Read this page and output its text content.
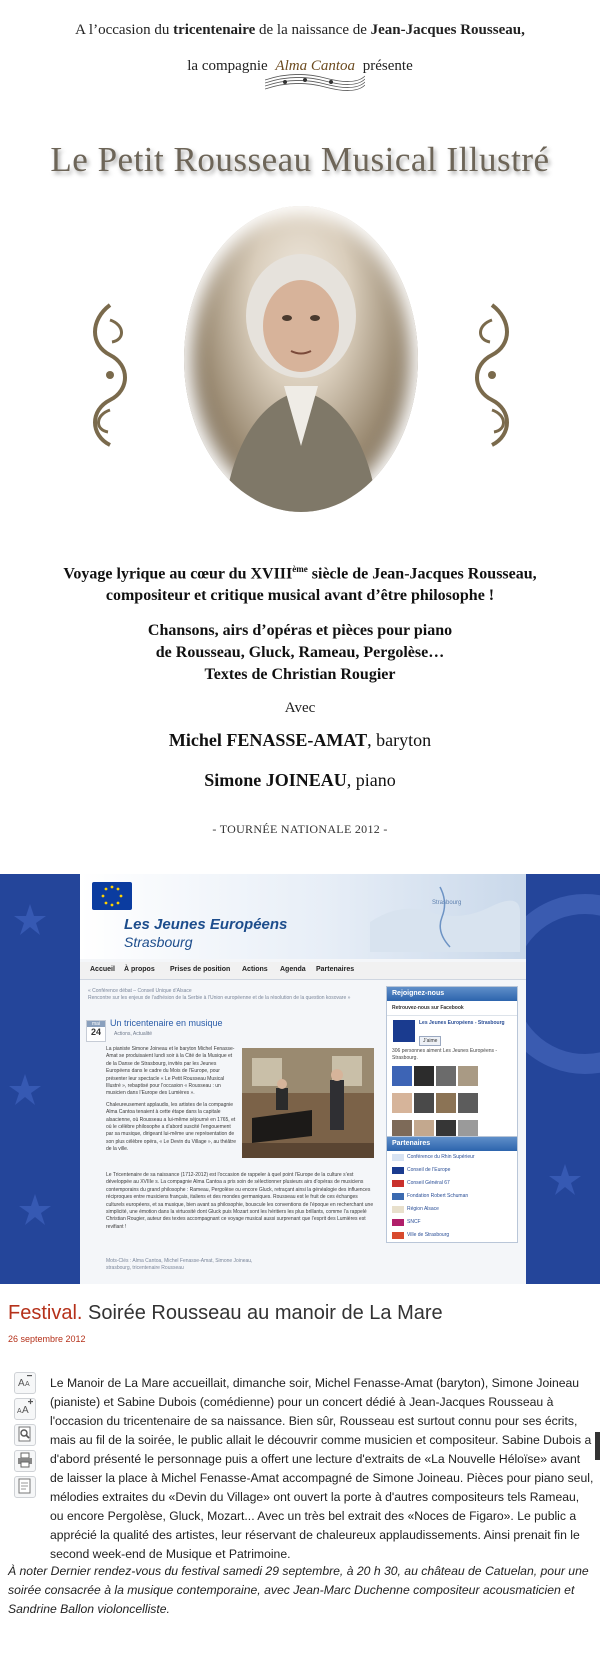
A l’occasion du tricentenaire de la naissance de Jean-Jacques Rousseau,
la compagnie Alma Cantoa
présente
Le Petit Rousseau Musical Illustré
Voyage lyrique au cœur du XVIIIème siècle de Jean-Jacques Rousseau,
compositeur et critique musical avant d’être philosophe !
Chansons, airs d’opéras et pièces pour piano
de Rousseau, Gluck, Rameau, Pergolèse…
Textes de Christian Rougier
Avec
Michel FENASSE-AMAT, baryton
Simone JOINEAU, piano
- TOURNÉE NATIONALE 2012 -
Les Jeunes Européens
Strasbourg
Strasbourg
Accueil À propos Prises de position Actions Agenda Partenaires
« Conférence débat – Conseil Unique d’Alsace
Rencontre sur les enjeux de l’adhésion de la Serbie à l’Union européenne et de la résolution de la question kosovare »
mai
24
Un tricentenaire en musique
Actions, Actualité

La pianiste Simone Joineau et le baryton Michel Fenasse-Amat se produisaient lundi soir à la Cité de la Musique et de la Danse de Strasbourg, invités par les Jeunes Européens dans le cadre du Mois de l’Europe, pour présenter leur spectacle « Le Petit Rousseau Musical Illustré », rebaptisé pour l’occasion « Rousseau : un musicien dans l’Europe des Lumières ».

Chaleureusement applaudis, les artistes de la compagnie Alma Cantoa tenaient à cette étape dans la capitale alsacienne, où Rousseau a lui-même séjourné en 1765, et où le célèbre philosophe a d’abord suscité l’engouement par sa musique, dirigeant lui-même une représentation de son plus célèbre opéra, « Le Devin du Village », au théâtre de la ville.

Le Tricentenaire de sa naissance (1712-2012) est l’occasion de rappeler à quel point l’Europe de la culture s’est développée au XVIIIe s. La compagnie Alma Cantoa a pris soin de sélectionner plusieurs airs d’opéras de musiciens contemporains du grand philosophe : Rameau, Pergolèse ou encore Gluck, retraçant ainsi la généalogie des influences réciproques entre musiciens français, italiens et des mondes germaniques. Rousseau est le fruit de ces échanges culturels européens, et sa musique, bien avant sa philosophie, bouscule les conventions de l’époque en recherchant une simplicité, une émotion dans la virtuosité dont Gluck puis Mozart sont les héritiers les plus brillants, comme l’a rappelé Christian Rougier, auteur des textes accompagnant ce voyage musical aussi surprenant que l’esprit des Lumières est revifiant !
Mots-Clés : Alma Cantoa, Michel Fenasse-Amat, Simone Joineau, strasbourg, tricentenaire Rousseau
Rejoignez-nous
Retrouvez-nous sur Facebook
Les Jeunes Européens - Strasbourg
J’aime
306 personnes aiment Les Jeunes Européens - Strasbourg.

Partenaires
Conférence du Rhin Supérieur
Conseil de l’Europe
Conseil Général 67
Fondation Robert Schuman
Région Alsace
SNCF
Ville de Strasbourg
Festival. Soirée Rousseau au manoir de La Mare
26 septembre 2012
A A
A A
Le Manoir de La Mare accueillait, dimanche soir, Michel Fenasse-Amat (baryton), Simone Joineau (pianiste) et Sabine Dubois (comédienne) pour un concert dédié à Jean-Jacques Rousseau à l'occasion du tricentenaire de sa naissance. Bien sûr, Rousseau est surtout connu pour ses écrits, mais au fil de la soirée, le public allait le découvrir comme musicien et compositeur. Sabine Dubois a d'abord présenté le personnage puis a offert une lecture d'extraits de «La Nouvelle Héloïse» avant de laisser la place à Michel Fenasse-Amat accompagné de Simone Joineau. Pièces pour piano seul, mélodies extraites du «Devin du Village» ont ouvert la porte à d'autres compositeurs tels Rameau, ou encore Pergolèse, Gluck, Mozart... Avec un très bel extrait des «Noces de Figaro». Le public a apprécié la qualité des artistes, leur réservant de chaleureux applaudissements. Ainsi prenait fin le second week-end de Musique et Patrimoine.
À noter Dernier rendez-vous du festival samedi 29 septembre, à 20 h 30, au château de Catuelan, pour une soirée consacrée à la musique contemporaine, avec Jean-Marc Duchenne compositeur acousmaticien et Sandrine Ballon violoncelliste.
